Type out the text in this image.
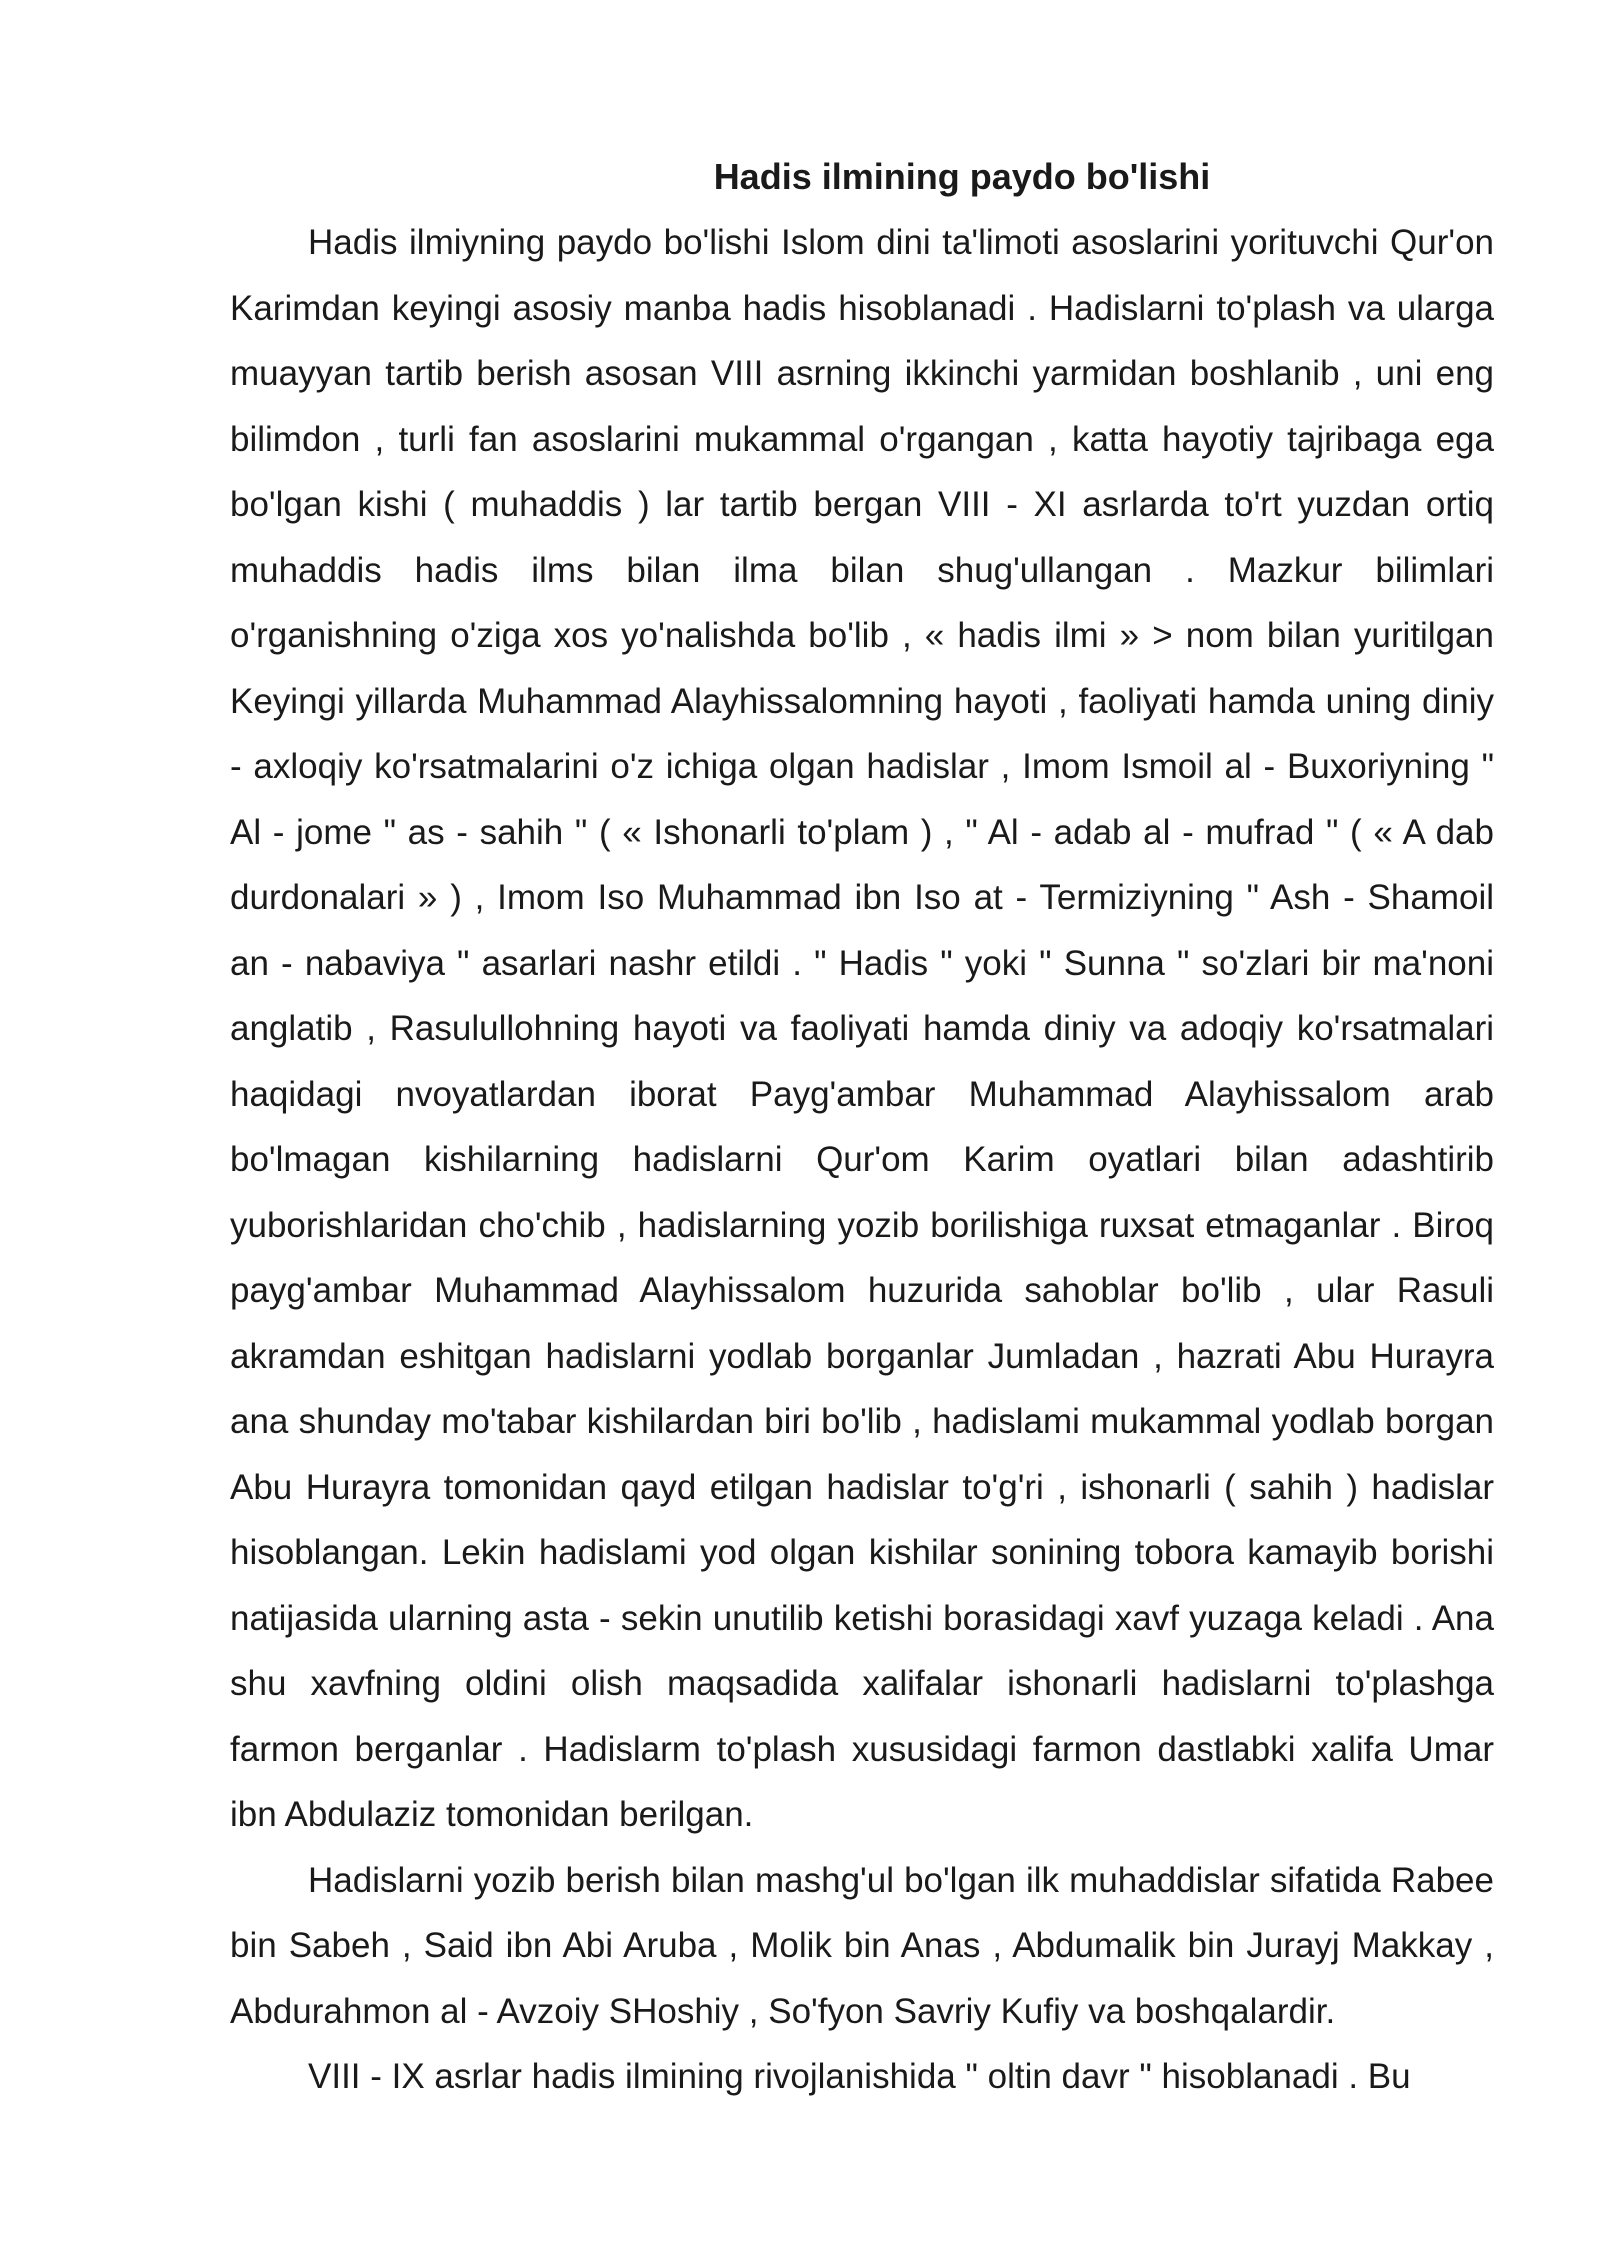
Hadis ilmining paydo bo'lishi

Hadis ilmiyning paydo bo'lishi Islom dini ta'limoti asoslarini yorituvchi Qur'on Karimdan keyingi asosiy manba hadis hisoblanadi . Hadislarni to'plash va ularga muayyan tartib berish asosan VIII asrning ikkinchi yarmidan boshlanib , uni eng bilimdon , turli fan asoslarini mukammal o'rgangan , katta hayotiy tajribaga ega bo'lgan kishi ( muhaddis ) lar tartib bergan VIII - XI asrlarda to'rt yuzdan ortiq muhaddis hadis ilms bilan ilma bilan shug'ullangan . Mazkur bilimlari o'rganishning o'ziga xos yo'nalishda bo'lib , « hadis ilmi » > nom bilan yuritilgan Keyingi yillarda Muhammad Alayhissalomning hayoti , faoliyati hamda uning diniy - axloqiy ko'rsatmalarini o'z ichiga olgan hadislar , Imom Ismoil al - Buxoriyning " Al - jome " as - sahih " ( « Ishonarli to'plam ) , " Al - adab al - mufrad " ( « A dab durdonalari » ) , Imom Iso Muhammad ibn Iso at - Termiziyning " Ash - Shamoil an - nabaviya " asarlari nashr etildi . " Hadis " yoki " Sunna " so'zlari bir ma'noni anglatib , Rasulullohning hayoti va faoliyati hamda diniy va adoqiy ko'rsatmalari haqidagi nvoyatlardan iborat Payg'ambar Muhammad Alayhissalom arab bo'lmagan kishilarning hadislarni Qur'om Karim oyatlari bilan adashtirib yuborishlaridan cho'chib , hadislarning yozib borilishiga ruxsat etmaganlar . Biroq payg'ambar Muhammad Alayhissalom huzurida sahoblar bo'lib , ular Rasuli akramdan eshitgan hadislarni yodlab borganlar Jumladan , hazrati Abu Hurayra ana shunday mo'tabar kishilardan biri bo'lib , hadislami mukammal yodlab borgan Abu Hurayra tomonidan qayd etilgan hadislar to'g'ri , ishonarli ( sahih ) hadislar hisoblangan. Lekin hadislami yod olgan kishilar sonining tobora kamayib borishi natijasida ularning asta - sekin unutilib ketishi borasidagi xavf yuzaga keladi . Ana shu xavfning oldini olish maqsadida xalifalar ishonarli hadislarni to'plashga farmon berganlar . Hadislarm to'plash xususidagi farmon dastlabki xalifa Umar ibn Abdulaziz tomonidan berilgan.

Hadislarni yozib berish bilan mashg'ul bo'lgan ilk muhaddislar sifatida Rabee bin Sabeh , Said ibn Abi Aruba , Molik bin Anas , Abdumalik bin Jurayj Makkay , Abdurahmon al - Avzoiy SHoshiy , So'fyon Savriy Kufiy va boshqalardir.

VIII - IX asrlar hadis ilmining rivojlanishida " oltin davr " hisoblanadi . Bu
